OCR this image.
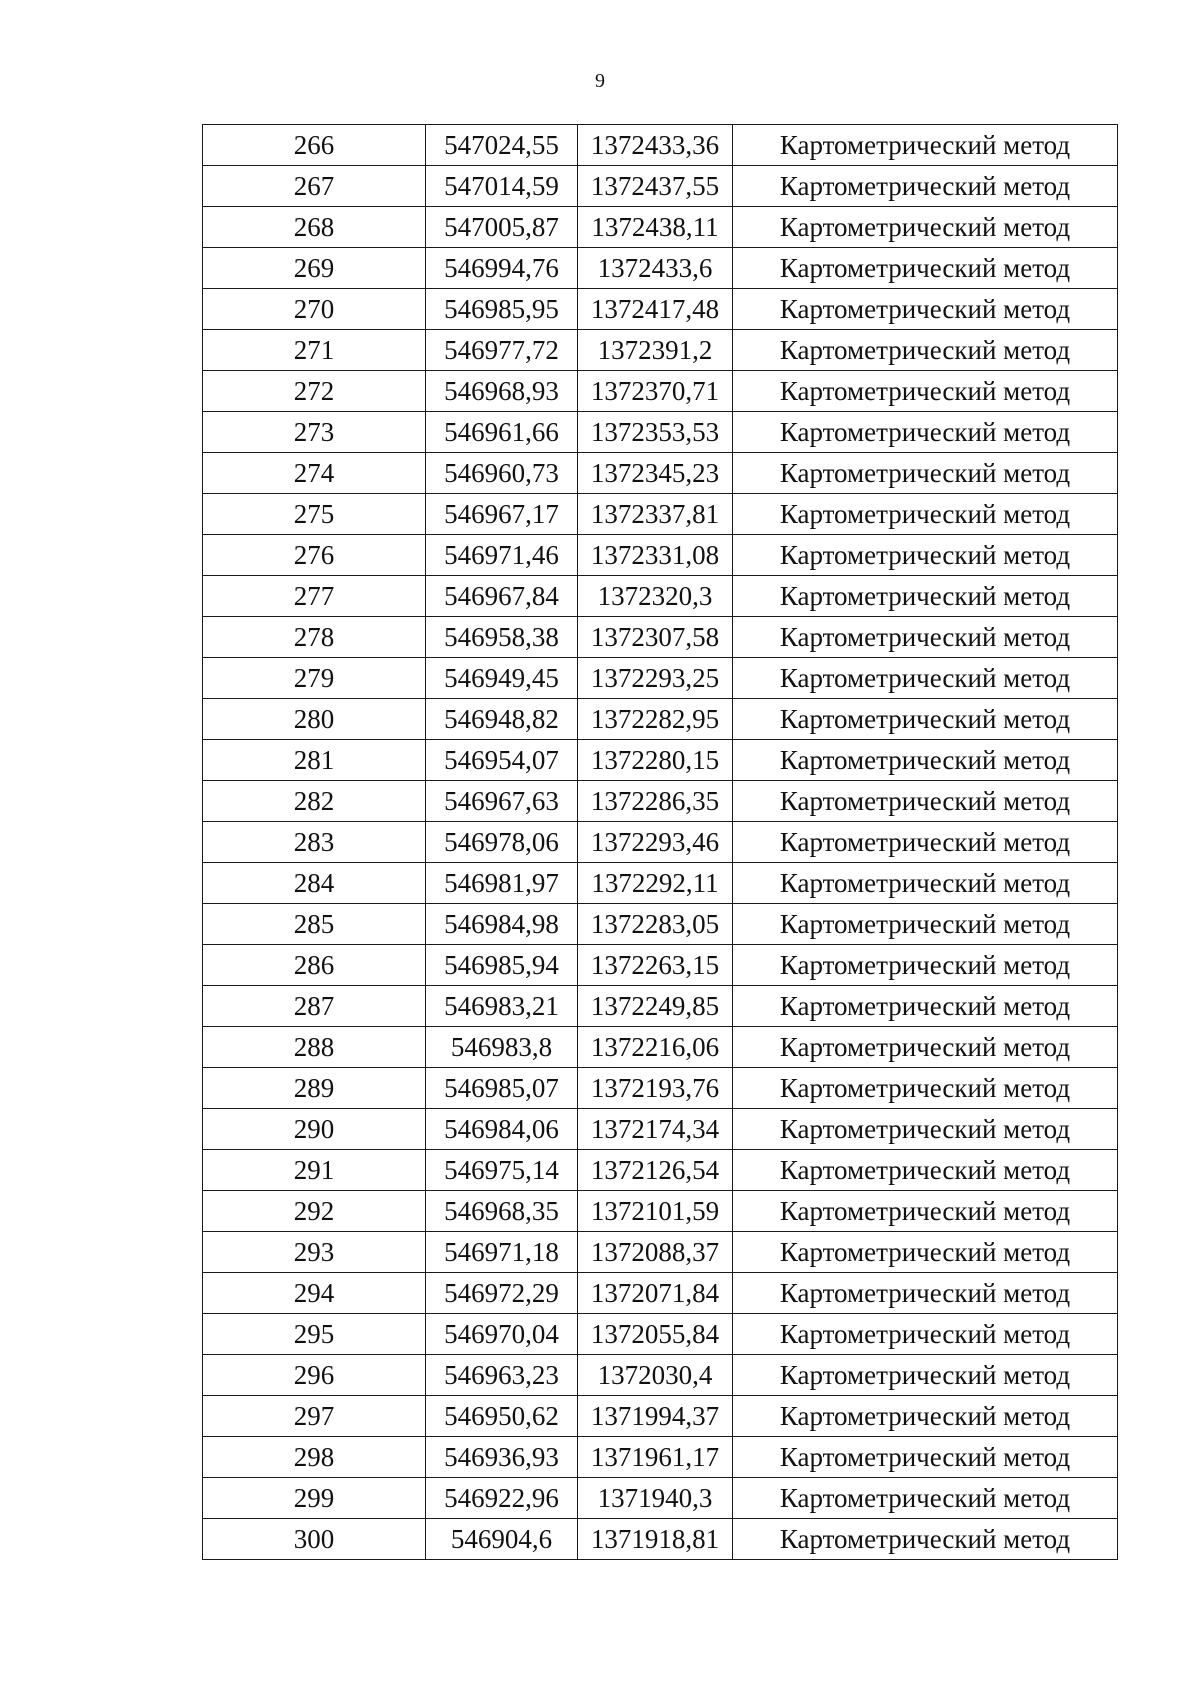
9
266	547024,55	1372433,36	Картометрический метод
267	547014,59	1372437,55	Картометрический метод
268	547005,87	1372438,11	Картометрический метод
269	546994,76	1372433,6	Картометрический метод
270	546985,95	1372417,48	Картометрический метод
271	546977,72	1372391,2	Картометрический метод
272	546968,93	1372370,71	Картометрический метод
273	546961,66	1372353,53	Картометрический метод
274	546960,73	1372345,23	Картометрический метод
275	546967,17	1372337,81	Картометрический метод
276	546971,46	1372331,08	Картометрический метод
277	546967,84	1372320,3	Картометрический метод
278	546958,38	1372307,58	Картометрический метод
279	546949,45	1372293,25	Картометрический метод
280	546948,82	1372282,95	Картометрический метод
281	546954,07	1372280,15	Картометрический метод
282	546967,63	1372286,35	Картометрический метод
283	546978,06	1372293,46	Картометрический метод
284	546981,97	1372292,11	Картометрический метод
285	546984,98	1372283,05	Картометрический метод
286	546985,94	1372263,15	Картометрический метод
287	546983,21	1372249,85	Картометрический метод
288	546983,8	1372216,06	Картометрический метод
289	546985,07	1372193,76	Картометрический метод
290	546984,06	1372174,34	Картометрический метод
291	546975,14	1372126,54	Картометрический метод
292	546968,35	1372101,59	Картометрический метод
293	546971,18	1372088,37	Картометрический метод
294	546972,29	1372071,84	Картометрический метод
295	546970,04	1372055,84	Картометрический метод
296	546963,23	1372030,4	Картометрический метод
297	546950,62	1371994,37	Картометрический метод
298	546936,93	1371961,17	Картометрический метод
299	546922,96	1371940,3	Картометрический метод
300	546904,6	1371918,81	Картометрический метод
